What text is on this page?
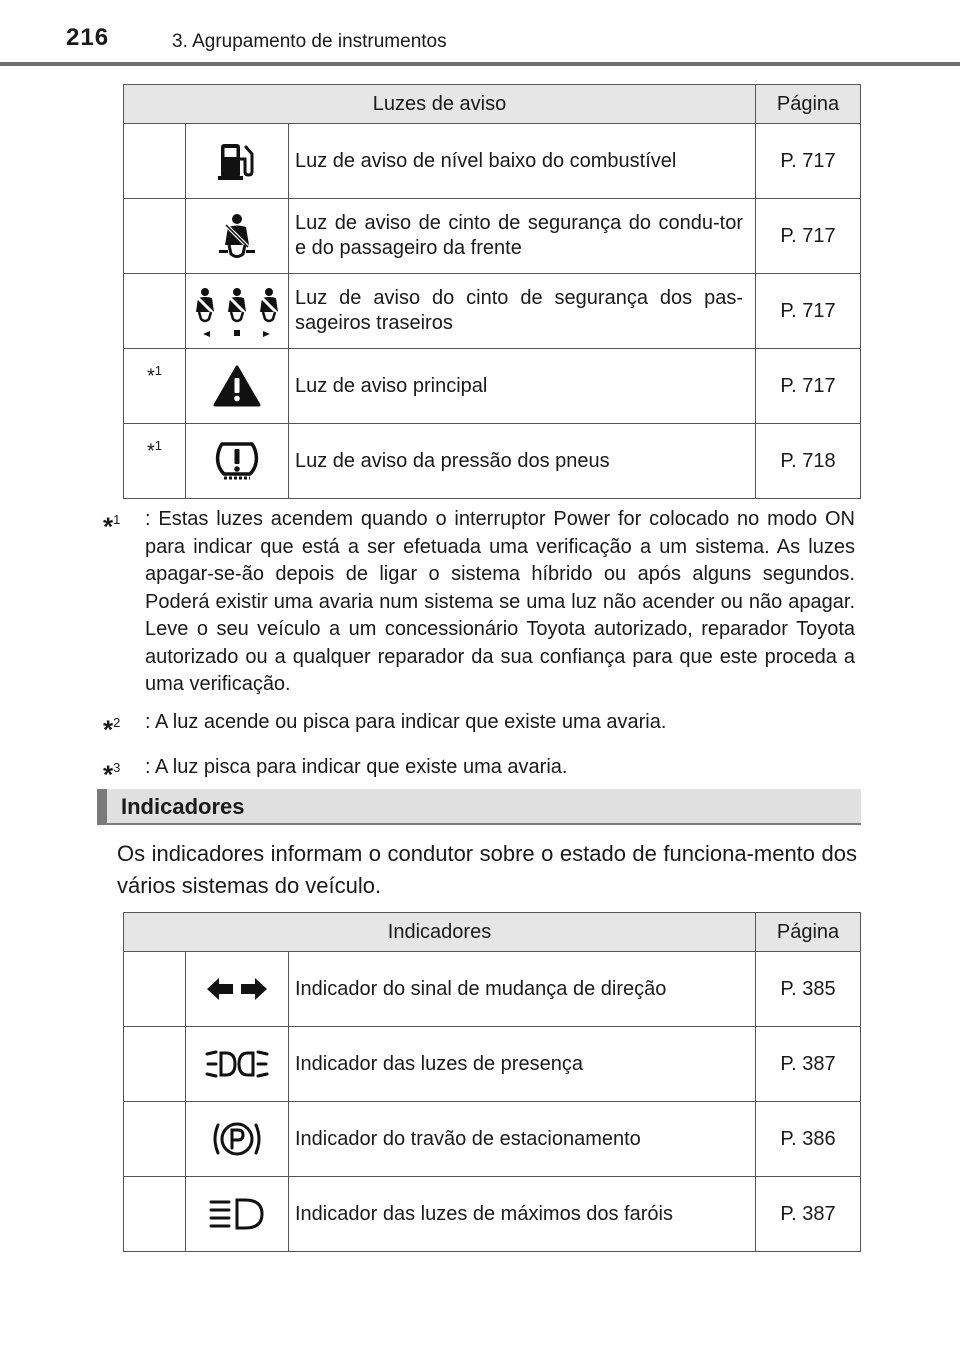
216	3. Agrupamento de instrumentos
Luzes de aviso			Página
		Luz de aviso de nível baixo do combustível	P. 717
		Luz de aviso de cinto de segurança do condu-tor e do passageiro da frente	P. 717
		Luz de aviso do cinto de segurança dos pas-sageiros traseiros	P. 717
*$^1$		Luz de aviso principal	P. 717
*$^1$		Luz de aviso da pressão dos pneus	P. 718
*$^1$	: Estas luzes acendem quando o interruptor Power for colocado no modo ON para indicar que está a ser efetuada uma verificação a um sistema. As luzes apagar-se-ão depois de ligar o sistema híbrido ou após alguns segundos. Poderá existir uma avaria num sistema se uma luz não acender ou não apagar. Leve o seu veículo a um concessionário Toyota autorizado, reparador Toyota autorizado ou a qualquer reparador da sua confiança para que este proceda a uma verificação.
*$^2$	: A luz acende ou pisca para indicar que existe uma avaria.
*$^3$	: A luz pisca para indicar que existe uma avaria.
Indicadores
Os indicadores informam o condutor sobre o estado de funciona-mento dos vários sistemas do veículo.
Indicadores			Página
		Indicador do sinal de mudança de direção	P. 385
		Indicador das luzes de presença	P. 387
		Indicador do travão de estacionamento	P. 386
		Indicador das luzes de máximos dos faróis	P. 387
